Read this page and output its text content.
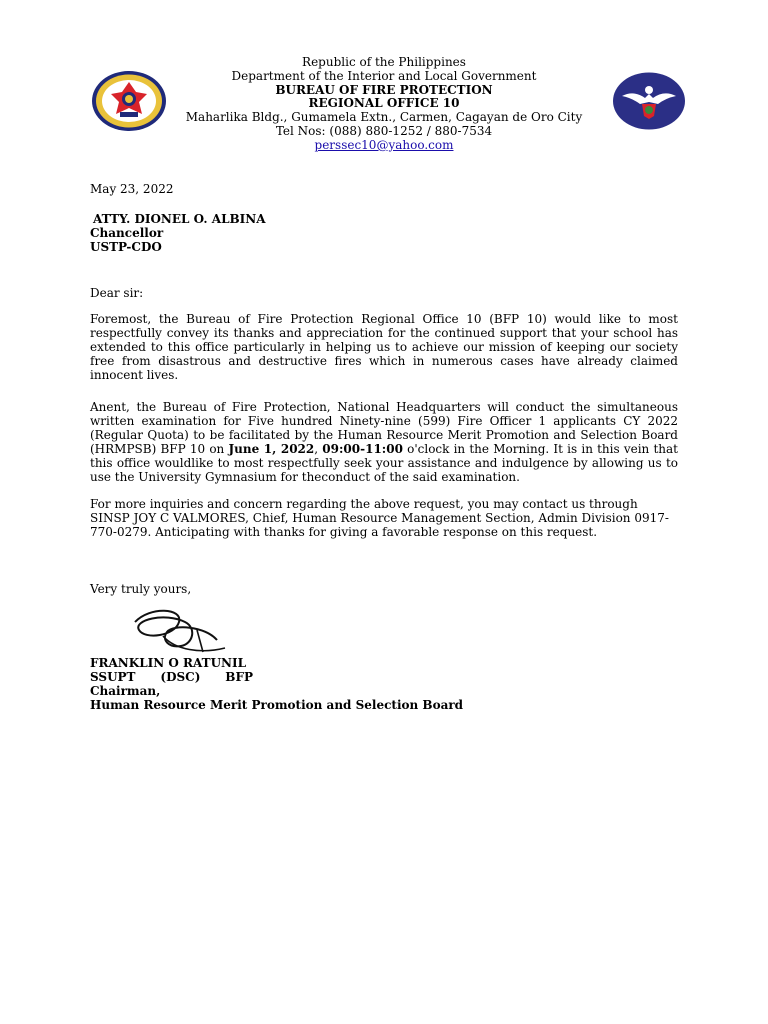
Republic of the Philippines
Department of the Interior and Local Government
BUREAU OF FIRE PROTECTION
REGIONAL OFFICE 10
Maharlika Bldg., Gumamela Extn., Carmen, Cagayan de Oro City
Tel Nos: (088) 880-1252 / 880-7534
perssec10@yahoo.com
May 23, 2022
ATTY. DIONEL O. ALBINA
Chancellor
USTP-CDO
Dear sir:
Foremost, the Bureau of Fire Protection Regional Office 10 (BFP 10) would like to most respectfully convey its thanks and appreciation for the continued support that your school has extended to this office particularly in helping us to achieve our mission of keeping our society free from disastrous and destructive fires which in numerous cases have already claimed innocent lives.
Anent, the Bureau of Fire Protection, National Headquarters will conduct the simultaneous written examination for Five hundred Ninety-nine (599) Fire Officer 1 applicants CY 2022 (Regular Quota) to be facilitated by the Human Resource Merit Promotion and Selection Board (HRMPSB) BFP 10 on June 1, 2022, 09:00-11:00 o'clock in the Morning. It is in this vein that this office wouldlike to most respectfully seek your assistance and indulgence by allowing us to use the University Gymnasium for theconduct of the said examination.
For more inquiries and concern regarding the above request, you may contact us through SINSP JOY C VALMORES, Chief, Human Resource Management Section, Admin Division 0917-770-0279. Anticipating with thanks for giving a favorable response on this request.
Very truly yours,
FRANKLIN O RATUNIL
SSUPT (DSC) BFP
Chairman,
Human Resource Merit Promotion and Selection Board
